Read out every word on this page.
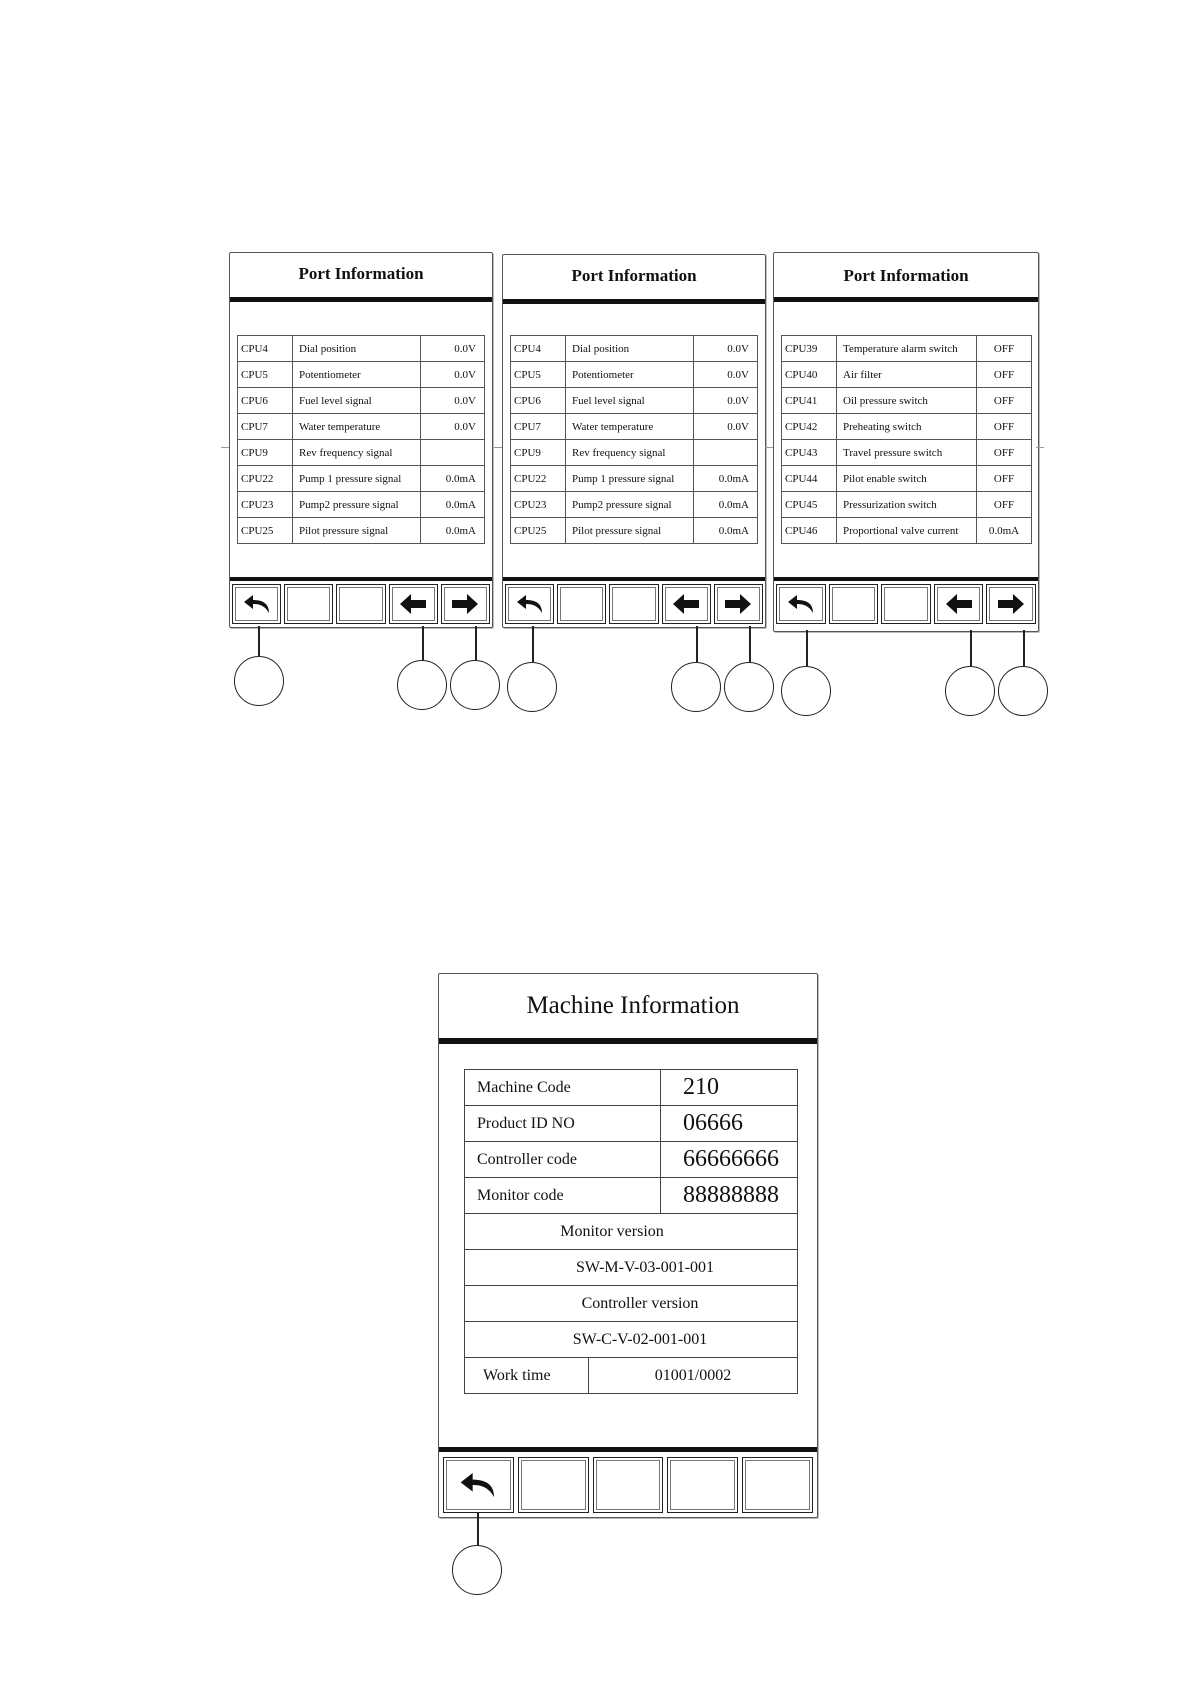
Port Information
CPU4	Dial position	0.0V
CPU5	Potentiometer	0.0V
CPU6	Fuel level signal	0.0V
CPU7	Water temperature	0.0V
CPU9	Rev frequency signal	
CPU22	Pump 1 pressure signal	0.0mA
CPU23	Pump2 pressure signal	0.0mA
CPU25	Pilot pressure signal	0.0mA
Port Information
CPU4	Dial position	0.0V
CPU5	Potentiometer	0.0V
CPU6	Fuel level signal	0.0V
CPU7	Water temperature	0.0V
CPU9	Rev frequency signal	
CPU22	Pump 1 pressure signal	0.0mA
CPU23	Pump2 pressure signal	0.0mA
CPU25	Pilot pressure signal	0.0mA
Port Information
CPU39	Temperature alarm switch	OFF
CPU40	Air filter	OFF
CPU41	Oil pressure switch	OFF
CPU42	Preheating switch	OFF
CPU43	Travel pressure switch	OFF
CPU44	Pilot enable switch	OFF
CPU45	Pressurization switch	OFF
CPU46	Proportional valve current	0.0mA
Machine Information
Machine Code		210
Product ID NO		06666
Controller code		66666666
Monitor code		88888888
Monitor version		
SW-M-V-03-001-001		
Controller version		
SW-C-V-02-001-001		
Work time	01001/0002	
